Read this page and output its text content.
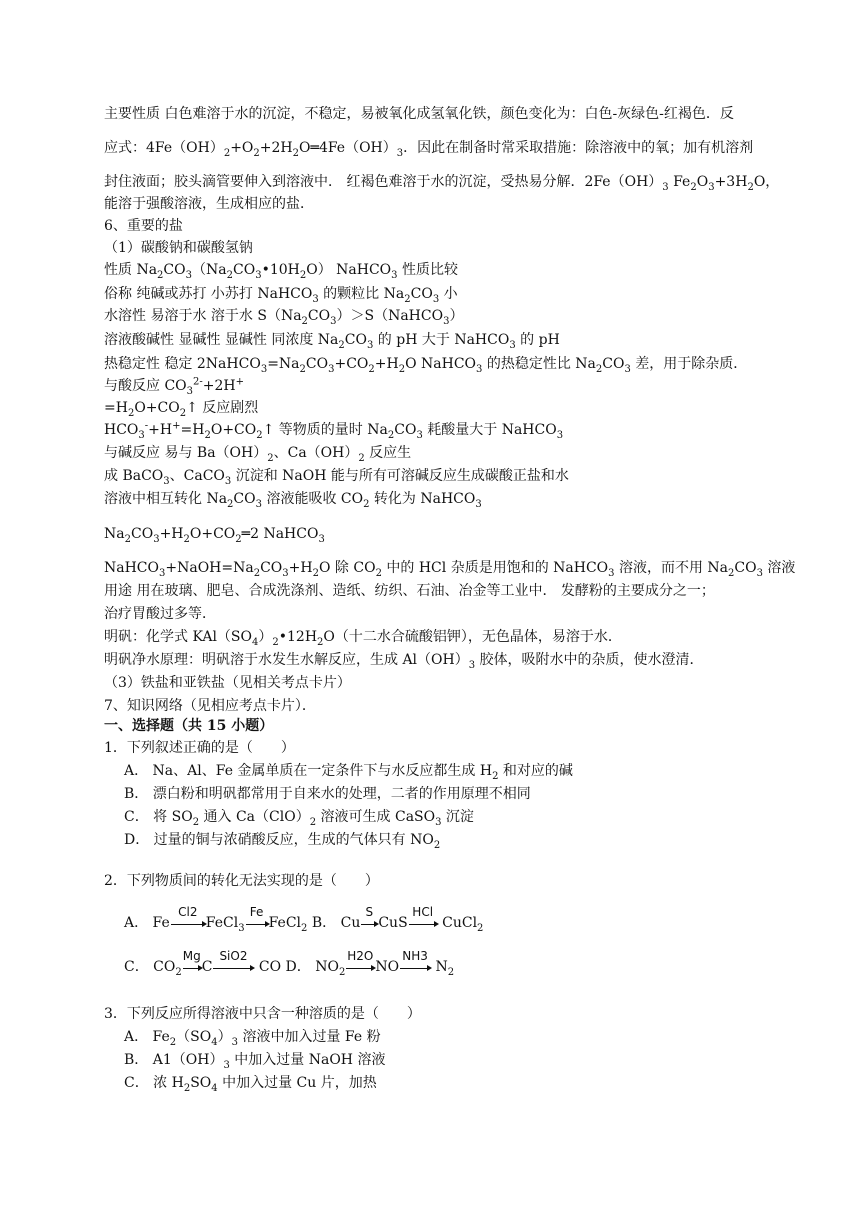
主要性质 白色难溶于水的沉淀，不稳定，易被氧化成氢氧化铁，颜色变化为：白色-灰绿色-红褐色．反
应式：$4Fe(OH)_2+O_2+2H_2O═4Fe(OH)_3$．因此在制备时常采取措施：除溶液中的氧；加有机溶剂
封住液面；胶头滴管要伸入到溶液中． 红褐色难溶于水的沉淀，受热易分解．$2Fe(OH)_3$ $Fe_2O_3+3H_2O$，
能溶于强酸溶液，生成相应的盐．
6、重要的盐
（1）碳酸钠和碳酸氢钠
性质 $Na_2CO_3(Na_2CO_3•10H_2O)$ NaHCO$_3$ 性质比较
俗称 纯碱或苏打 小苏打 NaHCO$_3$ 的颗粒比 $Na_2CO_3$ 小
水溶性 易溶于水 溶于水 $S(Na_2CO_3)>S(NaHCO_3)$
溶液酸碱性 显碱性 显碱性 同浓度 $Na_2CO_3$ 的 pH 大于 NaHCO$_3$ 的 pH
热稳定性 稳定 $2NaHCO_3=Na_2CO_3+CO_2+H_2O$ NaHCO$_3$ 的热稳定性比 $Na_2CO_3$ 差，用于除杂质．
与酸反应 $CO_3^{2-}+2H^+$
$=H_2O+CO_2↑$ 反应剧烈
$HCO_3^-+H^+=H_2O+CO_2↑$ 等物质的量时 $Na_2CO_3$ 耗酸量大于 NaHCO$_3$
与碱反应 易与 $Ba(OH)_2$、$Ca(OH)_2$ 反应生
成 BaCO$_3$、CaCO$_3$ 沉淀和 NaOH 能与所有可溶碱反应生成碳酸正盐和水
溶液中相互转化 $Na_2CO_3$ 溶液能吸收 $CO_2$ 转化为 NaHCO$_3$
$Na_2CO_3+H_2O+CO_2═2$ NaHCO$_3$
$NaHCO_3+NaOH=Na_2CO_3+H_2O$ 除 $CO_2$ 中的 HCl 杂质是用饱和的 NaHCO$_3$ 溶液，而不用 $Na_2CO_3$ 溶液
用途 用在玻璃、肥皂、合成洗涤剂、造纸、纺织、石油、冶金等工业中． 发酵粉的主要成分之一；
治疗胃酸过多等．
明矾：化学式 $KAl(SO_4)_2•12H_2O$（十二水合硫酸铝钾），无色晶体，易溶于水．
明矾净水原理：明矾溶于水发生水解反应，生成 $Al(OH)_3$ 胶体，吸附水中的杂质，使水澄清．
（3）铁盐和亚铁盐（见相关考点卡片）
7、知识网络（见相应考点卡片）．
一、选择题（共 15 小题）
1．下列叙述正确的是（　　）
A． Na、Al、Fe 金属单质在一定条件下与水反应都生成 $H_2$ 和对应的碱
B． 漂白粉和明矾都常用于自来水的处理，二者的作用原理不相同
C． 将 $SO_2$ 通入 $Ca(ClO)_2$ 溶液可生成 CaSO$_3$ 沉淀
D． 过量的铜与浓硝酸反应，生成的气体只有 $NO_2$
2．下列物质间的转化无法实现的是（　　）
A． Fe
Cl2
FeCl$_3$
Fe
FeCl$_2$ B． Cu
S
CuS
HCl
CuCl$_2$
C． $CO_2$
Mg
C
SiO2
CO D． $NO_2$
H2O
NO
NH3
$N_2$
3．下列反应所得溶液中只含一种溶质的是（　　）
A． $Fe_2(SO_4)_3$ 溶液中加入过量 Fe 粉
B． $A1(OH)_3$ 中加入过量 NaOH 溶液
C． 浓 $H_2SO_4$ 中加入过量 Cu 片，加热
